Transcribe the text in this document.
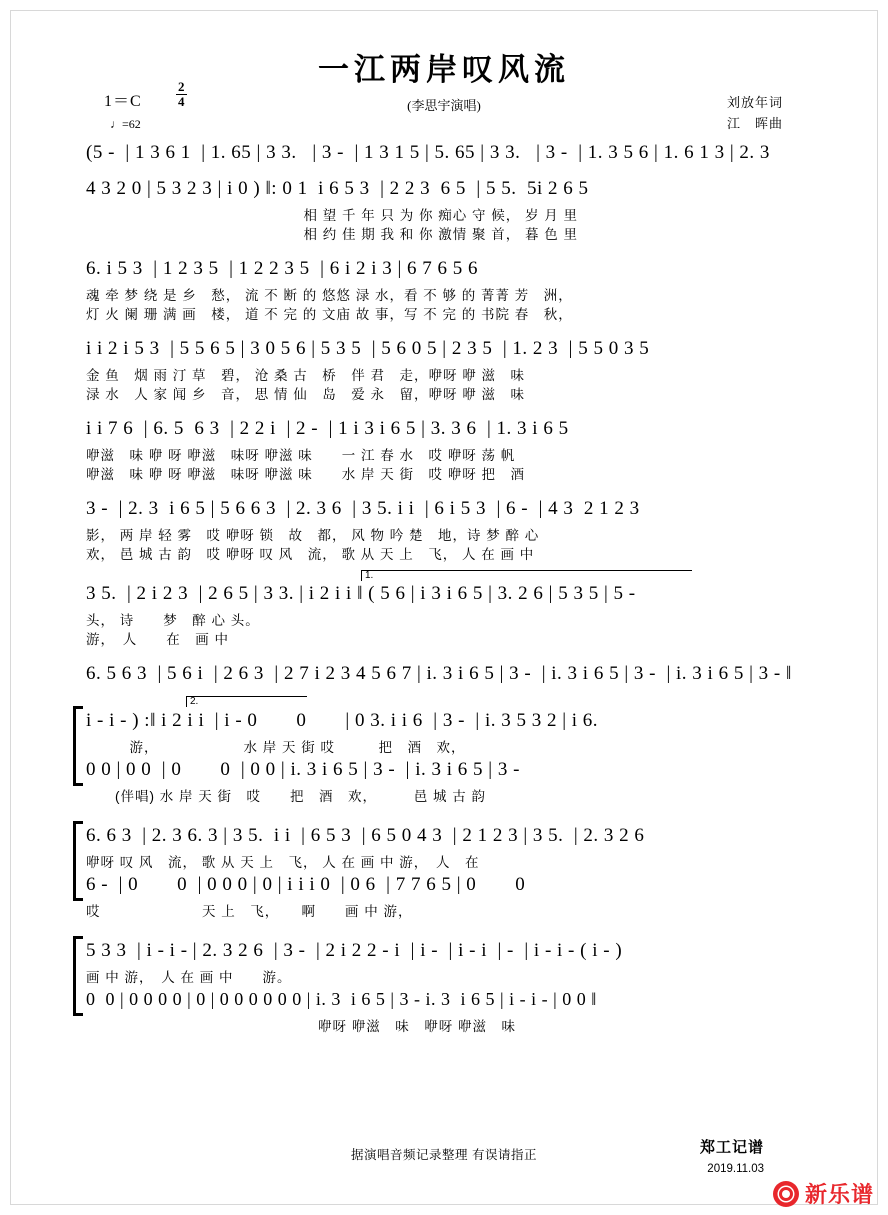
一江两岸叹风流
(李思宇演唱)
1＝C	$\frac{2}{4}$
♩=62
刘放年词
江　晖曲
(5 -  | 1 3 6 1  | 1. 65 | 3 3.   | 3 -  | 1 3 1 5 | 5. 65 | 3 3.   | 3 -  | 1. 3 5 6 | 1. 6 1 3 | 2. 3
4 3 2 0 | 5 3 2 3 | i 0 ) ‖: 0 1  i 6 5 3  | 2 2 3  6 5  | 5 5.  5i 2 6 5
　　　　　　　　　　　　　　　相 望 千 年 只 为 你 痴心 守 候， 岁 月 里
　　　　　　　　　　　　　　　相 约 佳 期 我 和 你 激情 聚 首， 暮 色 里
6. i 5 3  | 1 2 3 5  | 1 2 2 3 5  | 6 i 2 i 3 | 6 7 6 5 6
魂 牵 梦 绕 是 乡　愁， 流 不 断 的 悠悠 渌 水，看 不 够 的 菁菁 芳　洲，
灯 火 阑 珊 满 画　楼， 道 不 完 的 文庙 故 事，写 不 完 的 书院 春　秋，
i i 2 i 5 3  | 5 5 6 5 | 3 0 5 6 | 5 3 5  | 5 6 0 5 | 2 3 5  | 1. 2 3  | 5 5 0 3 5
金 鱼　烟 雨 汀 草　碧， 沧 桑 古　桥　伴 君　走，咿呀 咿 滋　味
渌 水　人 家 闻 乡　音， 思 情 仙　岛　爱 永　留，咿呀 咿 滋　味
i i 7 6  | 6. 5  6 3  | 2 2 i  | 2 -  | 1 i 3 i 6 5 | 3. 3 6  | 1. 3 i 6 5
咿滋　味 咿 呀 咿滋　味呀 咿滋 味　　一 江 春 水　哎 咿呀 荡 帆
咿滋　味 咿 呀 咿滋　味呀 咿滋 味　　水 岸 天 街　哎 咿呀 把　酒
3 -  | 2. 3  i 6 5 | 5 6 6 3  | 2. 3 6  | 3 5. i i  | 6 i 5 3  | 6 -  | 4 3  2 1 2 3
影， 两 岸 轻 雾　哎 咿呀 锁　故　都， 风 物 吟 楚　地，诗 梦 醉 心
欢， 邑 城 古 韵　哎 咿呀 叹 风　流， 歌 从 天 上　飞， 人 在 画 中
1.
3 5.  | 2 i 2 3  | 2 6 5 | 3 3. | i 2 i i ‖ ( 5 6 | i 3 i 6 5 | 3. 2 6 | 5 3 5 | 5 -
头， 诗　　梦　醉 心 头。
游，　人　　在　画 中
6. 5 6 3  | 5 6 i  | 2 6 3  | 2 7 i 2 3 4 5 6 7 | i. 3 i 6 5 | 3 -  | i. 3 i 6 5 | 3 -  | i. 3 i 6 5 | 3 - ‖
2.
i - i - ) :‖ i 2 i i  | i - 0　　0　　| 0 3. i i 6  | 3 -  | i. 3 5 3 2 | i 6.
　　　游，　　　　　　 水 岸 天 街 哎　　　把　酒　欢，
0 0 | 0 0  | 0　　0  | 0 0 | i. 3 i 6 5 | 3 -  | i. 3 i 6 5 | 3 -
　　(伴唱) 水 岸 天 街　哎　　把　酒　欢，　　　邑 城 古 韵
6. 6 3  | 2. 3 6. 3 | 3 5.  i i  | 6 5 3  | 6 5 0 4 3  | 2 1 2 3 | 3 5.  | 2. 3 2 6
咿呀 叹 风　流， 歌 从 天 上　飞， 人 在 画 中 游，　人　在
6 -  | 0　　0  | 0 0 0 | 0 | i i i 0  | 0 6  | 7 7 6 5 | 0　　0
哎　　　　　　　天 上　飞，　　啊　　画 中 游，
5 3 3  | i - i - | 2. 3 2 6  | 3 -  | 2 i 2 2 - i  | i -  | i - i  | -  | i - i - ( i - )
画 中 游，　人 在 画 中　　游。
0  0 | 0 0 0 0 | 0 | 0 0 0 0 0 0 | i. 3  i 6 5 | 3 - i. 3  i 6 5 | i - i - | 0 0 ‖
　　　　　　　　　　　　　　　　咿呀 咿滋　味　咿呀 咿滋　味
据演唱音频记录整理 有误请指正	郑工记谱
2019.11.03
新乐谱
